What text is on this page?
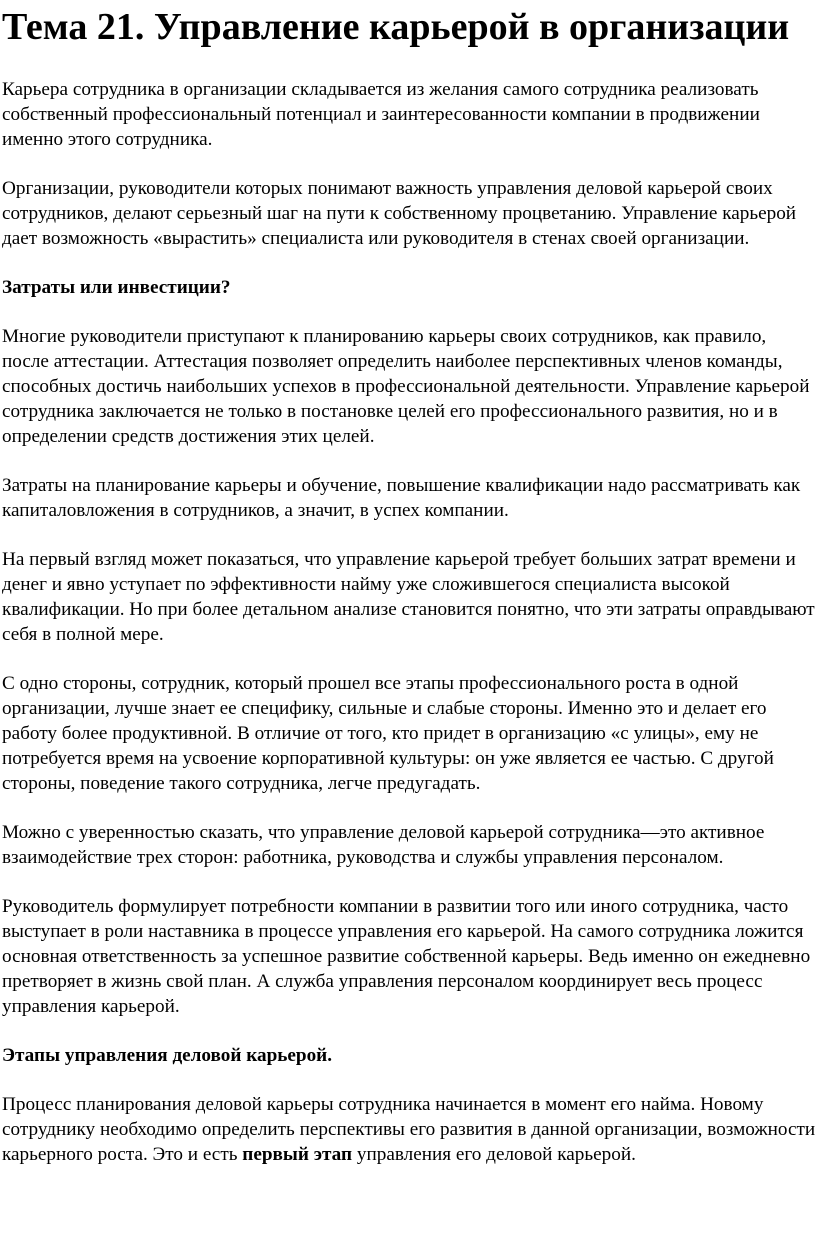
Тема 21. Управление карьерой в организации

Карьера сотрудника в организации складывается из желания самого сотрудника реализовать собственный профессиональный потенциал и заинтересованности компании в продвижении именно этого сотрудника.

Организации, руководители которых понимают важность управления деловой карьерой своих сотрудников, делают серьезный шаг на пути к собственному процветанию. Управление карьерой дает возможность «вырастить» специалиста или руководителя в стенах своей организации.

Затраты или инвестиции?

Многие руководители приступают к планированию карьеры своих сотрудников, как правило, после аттестации. Аттестация позволяет определить наиболее перспективных членов команды, способных достичь наибольших успехов в профессиональной деятельности. Управление карьерой сотрудника заключается не только в постановке целей его профессионального развития, но и в определении средств достижения этих целей.

Затраты на планирование карьеры и обучение, повышение квалификации надо рассматривать как капиталовложения в сотрудников, а значит, в успех компании.

На первый взгляд может показаться, что управление карьерой требует больших затрат времени и денег и явно уступает по эффективности найму уже сложившегося специалиста высокой квалификации. Но при более детальном анализе становится понятно, что эти затраты оправдывают себя в полной мере.

С одно стороны, сотрудник, который прошел все этапы профессионального роста в одной организации, лучше знает ее специфику, сильные и слабые стороны. Именно это и делает его работу более продуктивной. В отличие от того, кто придет в организацию «с улицы», ему не потребуется время на усвоение корпоративной культуры: он уже является ее частью. С другой стороны, поведение такого сотрудника, легче предугадать.

Можно с уверенностью сказать, что управление деловой карьерой сотрудника—это активное взаимодействие трех сторон: работника, руководства и службы управления персоналом.

Руководитель формулирует потребности компании в развитии того или иного сотрудника, часто выступает в роли наставника в процессе управления его карьерой. На самого сотрудника ложится основная ответственность за успешное развитие собственной карьеры. Ведь именно он ежедневно претворяет в жизнь свой план. А служба управления персоналом координирует весь процесс управления карьерой.

Этапы управления деловой карьерой.

Процесс планирования деловой карьеры сотрудника начинается в момент его найма. Новому сотруднику необходимо определить перспективы его развития в данной организации, возможности карьерного роста. Это и есть первый этап управления его деловой карьерой.
